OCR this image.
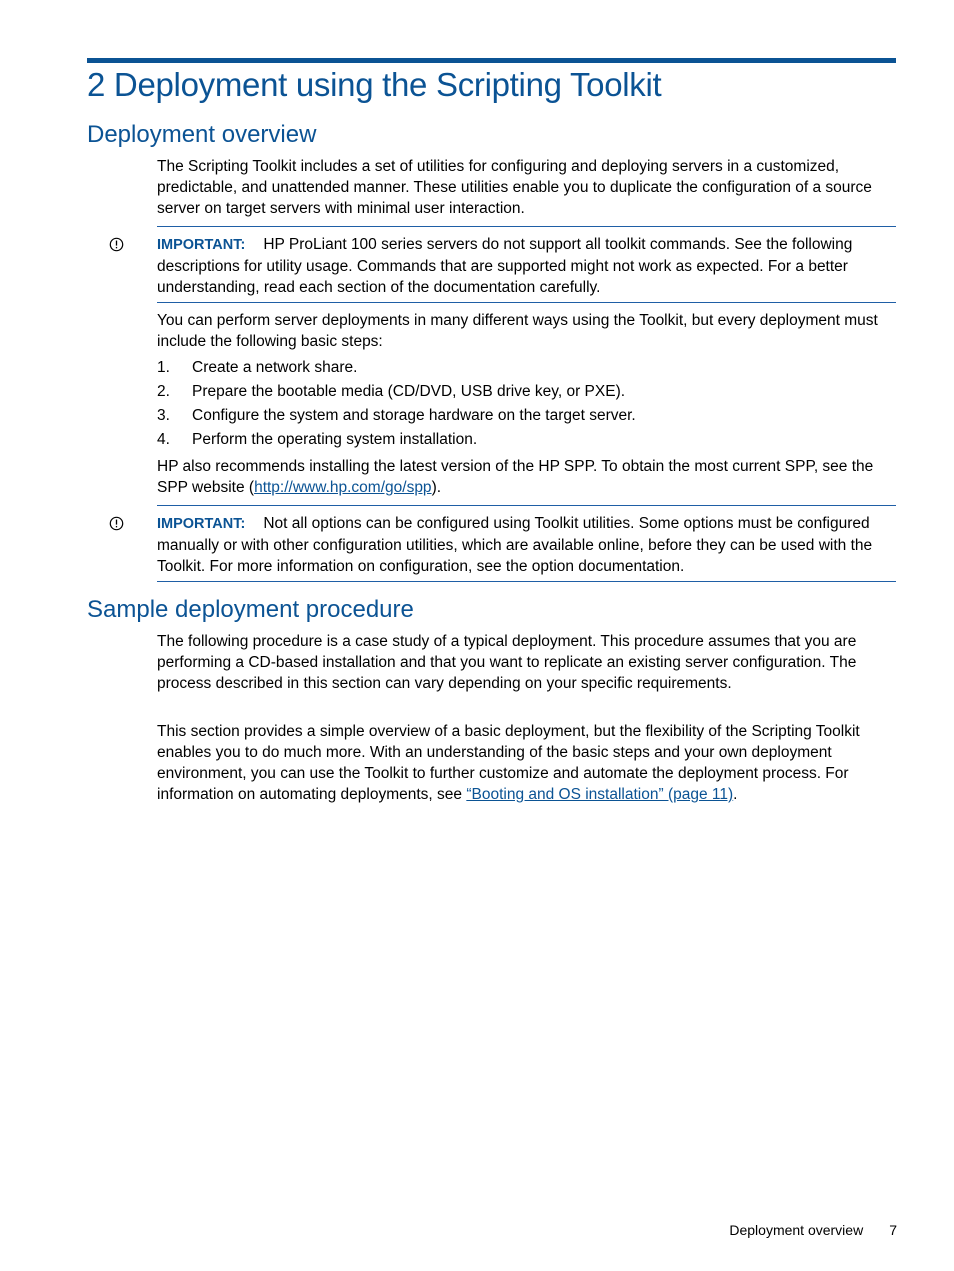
2 Deployment using the Scripting Toolkit
Deployment overview

The Scripting Toolkit includes a set of utilities for configuring and deploying servers in a customized, predictable, and unattended manner. These utilities enable you to duplicate the configuration of a source server on target servers with minimal user interaction.

IMPORTANT: HP ProLiant 100 series servers do not support all toolkit commands. See the following descriptions for utility usage. Commands that are supported might not work as expected. For a better understanding, read each section of the documentation carefully.

You can perform server deployments in many different ways using the Toolkit, but every deployment must include the following basic steps:

1. Create a network share.
2. Prepare the bootable media (CD/DVD, USB drive key, or PXE).
3. Configure the system and storage hardware on the target server.
4. Perform the operating system installation.

HP also recommends installing the latest version of the HP SPP. To obtain the most current SPP, see the SPP website (http://www.hp.com/go/spp).

IMPORTANT: Not all options can be configured using Toolkit utilities. Some options must be configured manually or with other configuration utilities, which are available online, before they can be used with the Toolkit. For more information on configuration, see the option documentation.

Sample deployment procedure

The following procedure is a case study of a typical deployment. This procedure assumes that you are performing a CD-based installation and that you want to replicate an existing server configuration. The process described in this section can vary depending on your specific requirements.

This section provides a simple overview of a basic deployment, but the flexibility of the Scripting Toolkit enables you to do much more. With an understanding of the basic steps and your own deployment environment, you can use the Toolkit to further customize and automate the deployment process. For information on automating deployments, see “Booting and OS installation” (page 11).

Deployment overview 7
